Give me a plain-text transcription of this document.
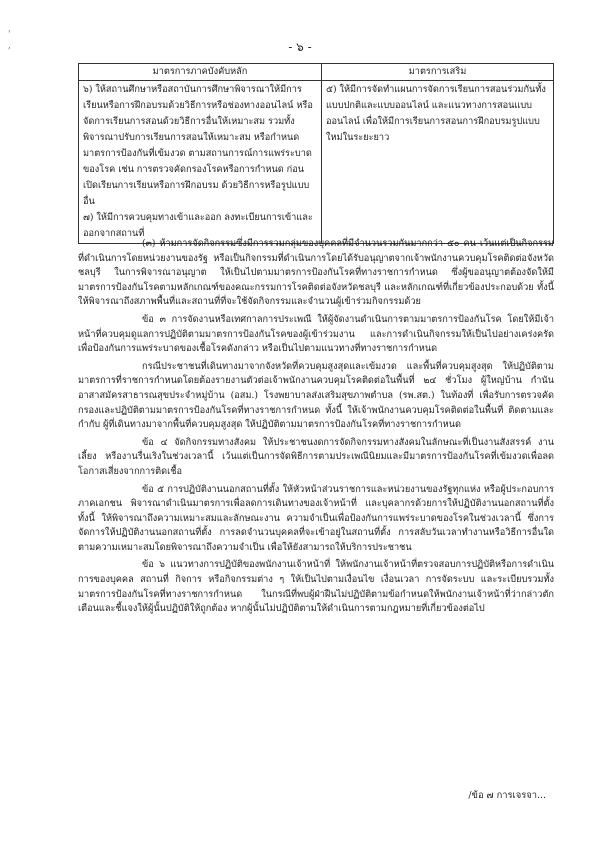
'
,	- ๖ -
มาตรการภาคบังคับหลัก	มาตรการเสริม

๖) ให้สถานศึกษาหรือสถาบันการศึกษาพิจารณาให้มีการเรียนหรือการฝึกอบรมด้วยวิธีการหรือช่องทางออนไลน์ หรือจัดการเรียนการสอนด้วยวิธีการอื่นให้เหมาะสม รวมทั้งพิจารณาปรับการเรียนการสอนให้เหมาะสม หรือกำหนดมาตรการป้องกันที่เข้มงวด ตามสถานการณ์การแพร่ระบาดของโรค เช่น การตรวจคัดกรองโรคหรือการกำหนด ก่อนเปิดเรียนการเรียนหรือการฝึกอบรม ด้วยวิธีการหรือรูปแบบอื่น

๗) ให้มีการควบคุมทางเข้าและออก ลงทะเบียนการเข้าและออกจากสถานที่	๕) ให้มีการจัดทำแผนการจัดการเรียนการสอนร่วมกันทั้งแบบปกติและแบบออนไลน์ และแนวทางการสอนแบบออนไลน์ เพื่อให้มีการเรียนการสอนการฝึกอบรมรูปแบบใหม่ในระยะยาว

(๓) ห้ามการจัดกิจกรรมซึ่งมีการรวมกลุ่มของบุคคลที่มีจำนวนรวมกันมากกว่า ๕๐ คน เว้นแต่เป็นกิจกรรมที่ดำเนินการโดยหน่วยงานของรัฐ หรือเป็นกิจกรรมที่ดำเนินการโดยได้รับอนุญาตจากเจ้าพนักงานควบคุมโรคติดต่อจังหวัดชลบุรี ในการพิจารณาอนุญาต ให้เป็นไปตามมาตรการป้องกันโรคที่ทางราชการกำหนด ซึ่งผู้ขออนุญาตต้องจัดให้มีมาตรการป้องกันโรคตามหลักเกณฑ์ของคณะกรรมการโรคติดต่อจังหวัดชลบุรี และหลักเกณฑ์ที่เกี่ยวข้องประกอบด้วย ทั้งนี้ ให้พิจารณาถึงสภาพพื้นที่และสถานที่ที่จะใช้จัดกิจกรรมและจำนวนผู้เข้าร่วมกิจกรรมด้วย

ข้อ ๓ การจัดงานหรือเทศกาลการประเพณี ให้ผู้จัดงานดำเนินการตามมาตรการป้องกันโรค โดยให้มีเจ้าหน้าที่ควบคุมดูแลการปฏิบัติตามมาตรการป้องกันโรคของผู้เข้าร่วมงาน และการดำเนินกิจกรรมให้เป็นไปอย่างเคร่งครัด เพื่อป้องกันการแพร่ระบาดของเชื้อโรคดังกล่าว หรือเป็นไปตามแนวทางที่ทางราชการกำหนด

กรณีประชาชนที่เดินทางมาจากจังหวัดที่ควบคุมสูงสุดและเข้มงวด และพื้นที่ควบคุมสูงสุด ให้ปฏิบัติตามมาตรการที่ราชการกำหนดโดยต้องรายงานตัวต่อเจ้าพนักงานควบคุมโรคติดต่อในพื้นที่ ๒๔ ชั่วโมง ผู้ใหญ่บ้าน กำนัน อาสาสมัครสาธารณสุขประจำหมู่บ้าน (อสม.) โรงพยาบาลส่งเสริมสุขภาพตำบล (รพ.สต.) ในท้องที่ เพื่อรับการตรวจคัดกรองและปฏิบัติตามมาตรการป้องกันโรคที่ทางราชการกำหนด ทั้งนี้ ให้เจ้าพนักงานควบคุมโรคติดต่อในพื้นที่ ติดตามและกำกับ ผู้ที่เดินทางมาจากพื้นที่ควบคุมสูงสุด ให้ปฏิบัติตามมาตรการป้องกันโรคที่ทางราชการกำหนด

ข้อ ๔ จัดกิจกรรมทางสังคม ให้ประชาชนงดการจัดกิจกรรมทางสังคมในลักษณะที่เป็นงานสังสรรค์ งานเลี้ยง หรืองานรื่นเริงในช่วงเวลานี้ เว้นแต่เป็นการจัดพิธีการตามประเพณีนิยมและมีมาตรการป้องกันโรคที่เข้มงวดเพื่อลดโอกาสเสี่ยงจากการติดเชื้อ

ข้อ ๕ การปฏิบัติงานนอกสถานที่ตั้ง ให้หัวหน้าส่วนราชการและหน่วยงานของรัฐทุกแห่ง หรือผู้ประกอบการภาคเอกชน พิจารณาดำเนินมาตรการเพื่อลดการเดินทางของเจ้าหน้าที่ และบุคลากรด้วยการให้ปฏิบัติงานนอกสถานที่ตั้ง ทั้งนี้ ให้พิจารณาถึงความเหมาะสมและลักษณะงาน ความจำเป็นเพื่อป้องกันการแพร่ระบาดของโรคในช่วงเวลานี้ ซึ่งการจัดการให้ปฏิบัติงานนอกสถานที่ตั้ง การลดจำนวนบุคคลที่จะเข้าอยู่ในสถานที่ตั้ง การสลับวันเวลาทำงานหรือวิธีการอื่นใดตามความเหมาะสมโดยพิจารณาถึงความจำเป็น เพื่อให้ยังสามารถให้บริการประชาชน

ข้อ ๖ แนวทางการปฏิบัติของพนักงานเจ้าหน้าที่ ให้พนักงานเจ้าหน้าที่ตรวจสอบการปฏิบัติหรือการดำเนินการของบุคคล สถานที่ กิจการ หรือกิจกรรมต่าง ๆ ให้เป็นไปตามเงื่อนไข เงื่อนเวลา การจัดระบบ และระเบียบรวมทั้งมาตรการป้องกันโรคที่ทางราชการกำหนด ในกรณีที่พบผู้ฝ่าฝืนไม่ปฏิบัติตามข้อกำหนดให้พนักงานเจ้าหน้าที่ว่ากล่าวตักเตือนและชี้แจงให้ผู้นั้นปฏิบัติให้ถูกต้อง หากผู้นั้นไม่ปฏิบัติตามให้ดำเนินการตามกฎหมายที่เกี่ยวข้องต่อไป

/ข้อ ๗ การเจรจา...
